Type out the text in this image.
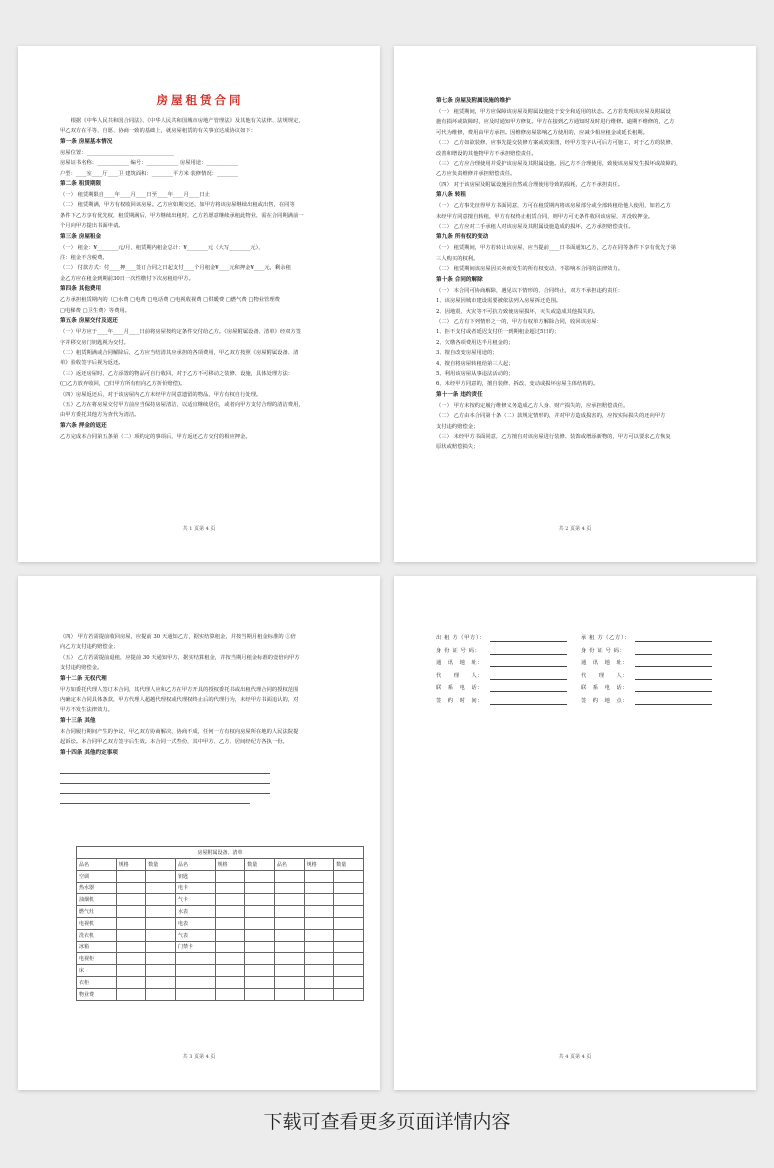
房屋租赁合同
　　根据《中华人民共和国合同法》、《中华人民共和国城市房地产管理法》及其他有关法律、法规规定，
甲乙双方在平等、自愿、协商一致的基础上，就房屋租赁的有关事宜达成协议如下：
第一条 房屋基本情况
房屋位置：_________________________________
房屋证书名称：____________ 编号：____________ 房屋用途：____________
户型：____室____厅____卫 建筑面积：________平方米 装修情况：________
第二条 租赁期限
（一） 租赁期限自____年____月____日至____年____月____日止
（二） 租赁期满，甲方有权收回该房屋。乙方应如期交还。如甲方将该房屋继续出租或出售，在同等
条件下乙方享有优先权，租赁期满后，甲方继续出租时，乙方若愿意继续承租此物业，需在合同期满前一
个月向甲方提出书面申请。
第三条 房屋租金
（一） 租金：¥________元/月，租赁期内租金总计：¥________元（大写________元），
注：租金不含税费。
（二） 付款方式：付____押____签订合同之日起支付____个月租金¥____元和押金¥____元，剩余租
金乙方应在租金到期前30日一次性缴付下次房租给甲方。
第四条 其他费用
乙方承担租赁期内的（□水费 □电费 □电话费 □电视收视费 □供暖费 □燃气费 □物业管理费
□电梯费 □卫生费）等费用。
第五条 房屋交付及返还
（一）甲方应于____年____月____日前将房屋按约定条件交付给乙方。《房屋附属设备、清单》经双方签
字并移交房门钥匙视为交付。
（二）租赁期满或合同解除后，乙方应当结清其应承担的各项费用，甲乙双方按照《房屋附属设备、清
单》验收签字后视为返还。
（三）返还房屋时，乙方添置的物品可自行收回，对于乙方不可移动之装修、设施，具体处理方法：
(□乙方放弃收回，□归甲方所有但向乙方折价赔偿)。
（四）房屋返还后，对于该房屋内乙方未经甲方同意遗留的物品，甲方有权自行处理。
（五）乙方在将房屋交付甲方前应当保持房屋清洁，以适宜继续居住，或者向甲方支付合理的清洁费用，
由甲方委托其他方为查代为清洁。
第六条 押金的返还
乙方完成本合同第五条第（二）项约定的事项后，甲方返还乙方交付的相应押金。
共 1 页第 4 页
第七条 房屋及附属设施的维护
（一） 租赁期间，甲方应保障该房屋及附属设施处于安全和适用的状态。乙方若发现该房屋及附属设
施有损坏或故障时，应及时通知甲方修复。甲方在接到乙方通知时及时进行维修。逾期不维修的，乙方
可代为维修，费用由甲方承担。因维修房屋影响乙方使用的，应减少相应租金或延长租期。
（二） 乙方如欲装修、应事先提交装修方案或效果图，经甲方签字认可后方可施工，对于乙方的装修、
改善和增设的其他物甲方不承担赔偿责任。
（三） 乙方应合理使用并爱护该房屋及其附属设施。因乙方不合理使用，致使该房屋发生损坏或故障的，
乙方应负责维修并承担赔偿责任。
（四） 对于该房屋及附属设施因自然或合理使用导致的损耗，乙方不承担责任。
第八条 转租
（一） 乙方事先征得甲方书面同意，方可在租赁期内将该房屋部分或全部转租给他人使用，如若乙方
未经甲方同意擅自转租，甲方有权终止租赁合同，则甲方可无条件收回该房屋，并没收押金。
（二） 乙方应对二手承租人对该房屋及其附属设施造成的损坏，乙方承担赔偿责任。
第九条 所有权的变动
（一） 租赁期间，甲方若转让该房屋，应当提前____日书面通知乙方，乙方在同等条件下享有优先于第
三人购买的权利。
（二） 租赁期间该房屋因买卖而发生的所有权变动，不影响本合同的法律效力。
第十条 合同的解除
（一） 本合同可协商解除，遇见以下情形的，合同终止，双方不承担违约责任：
1、该房屋因城市建设需要被依法列入房屋拆迁范围。
2、因地震、火灾等不可抗力致使房屋损坏，灭失或造成其他损失的。
（二） 乙方有下列情形之一的，甲方有权单方解除合同，收回该房屋：
1、拒不支付或者延迟支付任一到期租金超过5日的；
2、欠缴各项费用达半月租金的；
3、擅自改变房屋用途的；
4、擅自将房屋转租给第三人起；
5、利用该房屋从事违法活动的；
6、未经甲方同意的，擅自装修、拆改、变动或损坏房屋主体结构的。
第十一条 违约责任
（一） 甲方未按约定履行维修义务造成乙方人身、财产损失的，应承担赔偿责任。
（二） 乙方由本合同第十条（二）款规定情形的，并对甲方造成损害的，应按实际损失的还向甲方
支付违约赔偿金；
（三） 未经甲方书面同意，乙方擅自对该房屋进行装修、装饰或增添新物的，甲方可以要求乙方恢复
原状或赔偿损失；
共 2 页第 4 页
（四） 甲方若需提前收回房屋，应提前 30 天通知乙方，据实结算租金，并按当期月租金标准的 ①倍
向乙方支付违约赔偿金；
（五） 乙方若需提前退租，应提前 30 天通知甲方，据实结算租金，并按当期月租金标准的壹倍向甲方
支付违约赔偿金。
第十二条 无权代理
甲方如委托代理人签订本合同，其代理人应和乙方在甲方开具的授权委托书或出租代理合同的授权范围
内确定本合同具体条款，甲方代理人超越代理权或代理权终止后的代理行为，未经甲方书面追认的，对
甲方不发生法律效力。
第十三条 其他
本合同履行期间产生的争议，甲乙双方协商解决，协商不成，任何一方有权向房屋所在地的人民法院提
起诉讼。本合同甲乙双方签字后生效。本合同一式叁份，其中甲方、乙方、居间经纪方各执一份。
第十四条 其他约定事项
房屋附属设备、清单
品名	规格	数量	品名	规格	数量	品名	规格	数量
空调			钥匙					
热水器			电卡					
油烟机			气卡					
燃气灶			水表					
电视机			电表					
洗衣机			气表					
冰箱			门禁卡					
电视柜								
床								
衣柜								
物业费								
共 3 页第 4 页
出 租 方（甲方）：	承 租 方（乙方）：
身 份 证 号 码：	身 份 证 号 码：
通　讯　地　址：	通　讯　地　址：
代　　理　　人：	代　　理　　人：
联　系　电　话：	联　系　电　话：
签　约　时　间：	签　约　地　点：
共 4 页第 4 页
下载可查看更多页面详情内容
